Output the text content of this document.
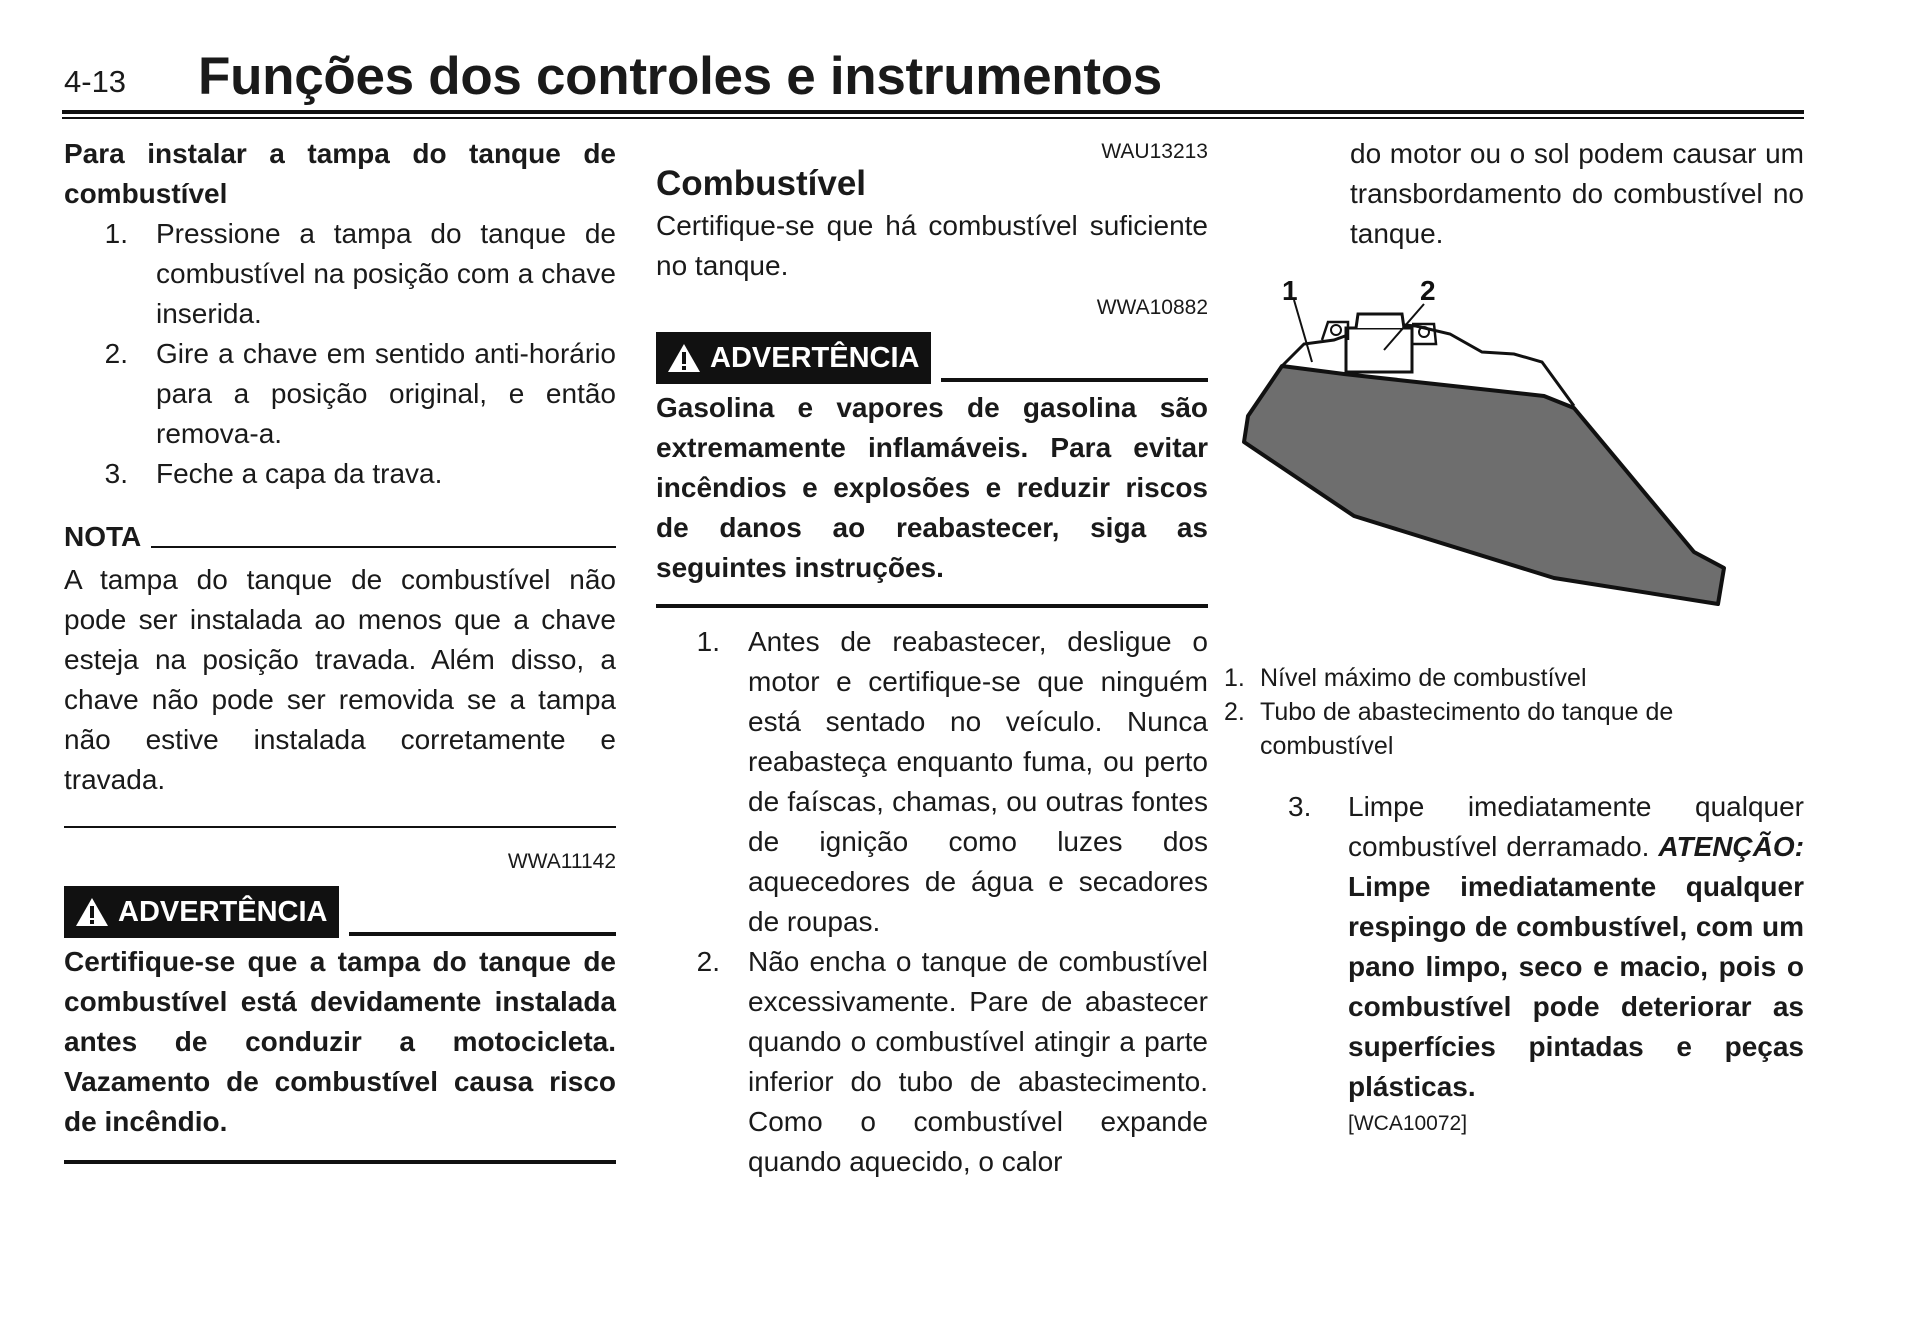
4-13 Funções dos controles e instrumentos

Para instalar a tampa do tanque de combustível

1.	Pressione a tampa do tanque de combustível na posição com a chave inserida.
2.	Gire a chave em sentido anti-horário para a posição original, e então remova-a.
3.	Feche a capa da trava.
NOTA

A tampa do tanque de combustível não pode ser instalada ao menos que a chave esteja na posição travada. Além disso, a chave não pode ser removida se a tampa não estive instalada corretamente e travada.

WWA11142
ADVERTÊNCIA

Certifique-se que a tampa do tanque de combustível está devidamente instalada antes de conduzir a motocicleta. Vazamento de combustível causa risco de incêndio.

WAU13213
Combustível

Certifique-se que há combustível suficiente no tanque.

WWA10882
ADVERTÊNCIA

Gasolina e vapores de gasolina são extremamente inflamáveis. Para evitar incêndios e explosões e reduzir riscos de danos ao reabastecer, siga as seguintes instruções.

1.	Antes de reabastecer, desligue o motor e certifique-se que ninguém está sentado no veículo. Nunca reabasteça enquanto fuma, ou perto de faíscas, chamas, ou outras fontes de ignição como luzes dos aquecedores de água e secadores de roupas.
2.	Não encha o tanque de combustível excessivamente. Pare de abastecer quando o combustível atingir a parte inferior do tubo de abastecimento. Como o combustível expande quando aquecido, o calor

do motor ou o sol podem causar um transbordamento do combustível no tanque.

1	2
1. Nível máximo de combustível
2. Tubo de abastecimento do tanque de combustível
3.	Limpe imediatamente qualquer combustível derramado. ATENÇÃO: Limpe imediatamente qualquer respingo de combustível, com um pano limpo, seco e macio, pois o combustível pode deteriorar as superfícies pintadas e peças plásticas.
[WCA10072]
